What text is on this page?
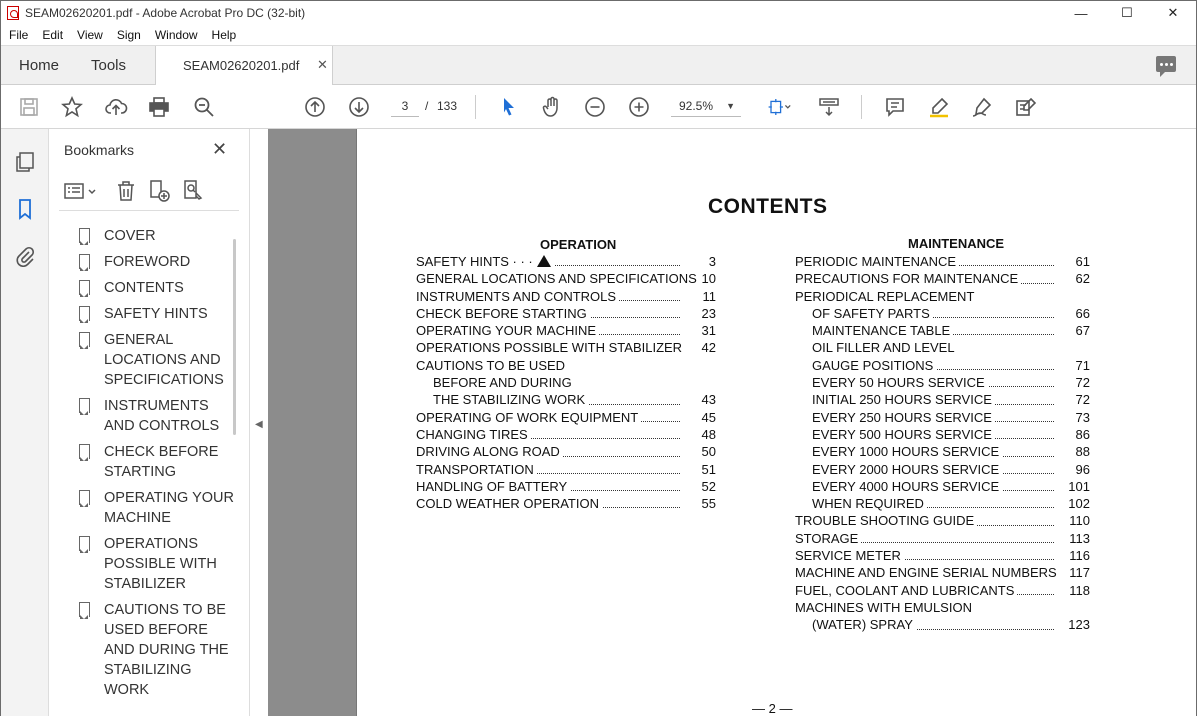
SEAM02620201.pdf - Adobe Acrobat Pro DC (32-bit)	—	☐	✕
File	Edit	View	Sign	Window	Help
Home Tools	SEAM02620201.pdf ✕
3	/ 133	92.5% ▼
Bookmarks	✕
COVER
FOREWORD
CONTENTS
SAFETY HINTS
GENERAL LOCATIONS AND SPECIFICATIONS
INSTRUMENTS AND CONTROLS
CHECK BEFORE STARTING
OPERATING YOUR MACHINE
OPERATIONS POSSIBLE WITH STABILIZER
CAUTIONS TO BE USED BEFORE AND DURING THE STABILIZING WORK
◀
CONTENTS
OPERATION
SAFETY HINTS · · ·	3
GENERAL LOCATIONS AND SPECIFICATIONS 10
INSTRUMENTS AND CONTROLS	11
CHECK BEFORE STARTING	23
OPERATING YOUR MACHINE	31
OPERATIONS POSSIBLE WITH STABILIZER	42
CAUTIONS TO BE USED
BEFORE AND DURING
THE STABILIZING WORK	43
OPERATING OF WORK EQUIPMENT	45
CHANGING TIRES	48
DRIVING ALONG ROAD	50
TRANSPORTATION	51
HANDLING OF BATTERY	52
COLD WEATHER OPERATION	55
MAINTENANCE
PERIODIC MAINTENANCE	61
PRECAUTIONS FOR MAINTENANCE	62
PERIODICAL REPLACEMENT
OF SAFETY PARTS	66
MAINTENANCE TABLE	67
OIL FILLER AND LEVEL
GAUGE POSITIONS	71
EVERY 50 HOURS SERVICE	72
INITIAL 250 HOURS SERVICE	72
EVERY 250 HOURS SERVICE	73
EVERY 500 HOURS SERVICE	86
EVERY 1000 HOURS SERVICE	88
EVERY 2000 HOURS SERVICE	96
EVERY 4000 HOURS SERVICE	101
WHEN REQUIRED	102
TROUBLE SHOOTING GUIDE	110
STORAGE	113
SERVICE METER	116
MACHINE AND ENGINE SERIAL NUMBERS 117
FUEL, COOLANT AND LUBRICANTS	118
MACHINES WITH EMULSION
(WATER) SPRAY	123
— 2 —
